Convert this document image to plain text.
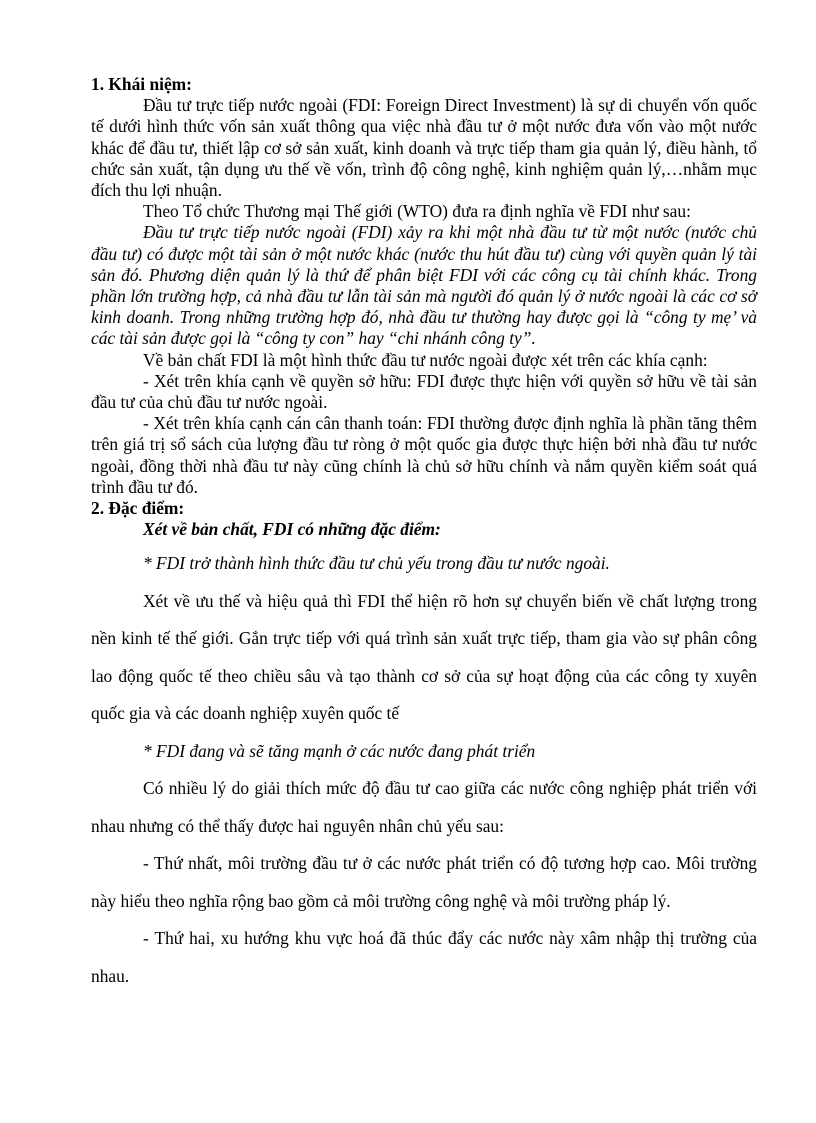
1. Khái niệm:

Đầu tư trực tiếp nước ngoài (FDI: Foreign Direct Investment) là sự di chuyển vốn quốc tế dưới hình thức vốn sản xuất thông qua việc nhà đầu tư ở một nước đưa vốn vào một nước khác để đầu tư, thiết lập cơ sở sản xuất, kinh doanh và trực tiếp tham gia quản lý, điều hành, tổ chức sản xuất, tận dụng ưu thế về vốn, trình độ công nghệ, kinh nghiệm quản lý,…nhằm mục đích thu lợi nhuận.

Theo Tổ chức Thương mại Thế giới (WTO) đưa ra định nghĩa về FDI như sau:

Đầu tư trực tiếp nước ngoài (FDI) xảy ra khi một nhà đầu tư từ một nước (nước chủ đầu tư) có được một tài sản ở một nước khác (nước thu hút đầu tư) cùng với quyền quản lý tài sản đó. Phương diện quản lý là thứ để phân biệt FDI với các công cụ tài chính khác. Trong phần lớn trường hợp, cả nhà đầu tư lẫn tài sản mà người đó quản lý ở nước ngoài là các cơ sở kinh doanh. Trong những trường hợp đó, nhà đầu tư thường hay được gọi là “công ty mẹ’ và các tài sản được gọi là “công ty con” hay “chi nhánh công ty”.

Về bản chất FDI là một hình thức đầu tư nước ngoài được xét trên các khía cạnh:

- Xét trên khía cạnh về quyền sở hữu: FDI được thực hiện với quyền sở hữu về tài sản đầu tư của chủ đầu tư nước ngoài.

- Xét trên khía cạnh cán cân thanh toán: FDI thường được định nghĩa là phần tăng thêm trên giá trị sổ sách của lượng đầu tư ròng ở một quốc gia được thực hiện bởi nhà đầu tư nước ngoài, đồng thời nhà đầu tư này cũng chính là chủ sở hữu chính và nắm quyền kiểm soát quá trình đầu tư đó.

2. Đặc điểm:

Xét về bản chất, FDI có những đặc điểm:

* FDI trở thành hình thức đầu tư chủ yếu trong đầu tư nước ngoài.

Xét về ưu thế và hiệu quả thì FDI thể hiện rõ hơn sự chuyển biến về chất lượng trong nền kinh tế thế giới. Gắn trực tiếp với quá trình sản xuất trực tiếp, tham gia vào sự phân công lao động quốc tế theo chiều sâu và tạo thành cơ sở của sự hoạt động của các công ty xuyên quốc gia và các doanh nghiệp xuyên quốc tế

* FDI đang và sẽ tăng mạnh ở các nước đang phát triển

Có nhiều lý do giải thích mức độ đầu tư cao giữa các nước công nghiệp phát triển với nhau nhưng có thể thấy được hai nguyên nhân chủ yếu sau:

- Thứ nhất, môi trường đầu tư ở các nước phát triển có độ tương hợp cao. Môi trường này hiểu theo nghĩa rộng bao gồm cả môi trường công nghệ và môi trường pháp lý.

- Thứ hai, xu hướng khu vực hoá đã thúc đẩy các nước này xâm nhập thị trường của nhau.
